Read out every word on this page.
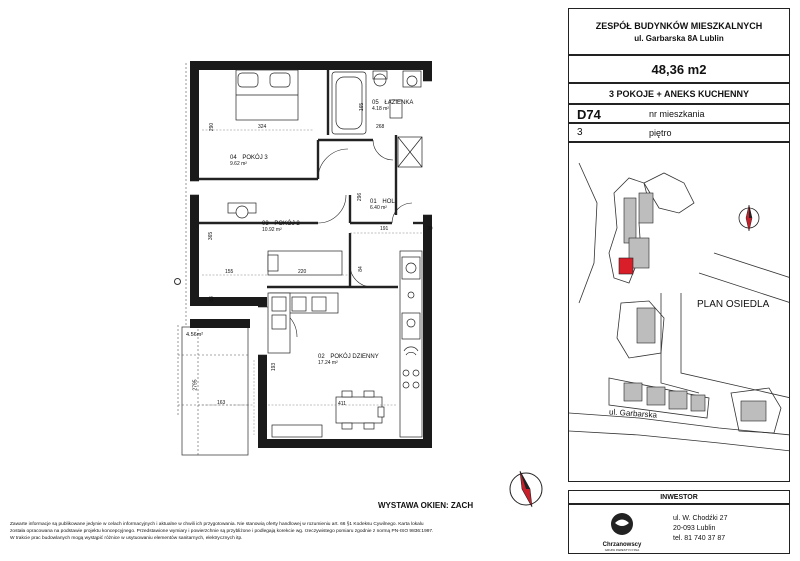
ZESPÓŁ BUDYNKÓW MIESZKALNYCH
ul. Garbarska 8A Lublin
48,36 m2
3 POKOJE + ANEKS KUCHENNY
D74	nr mieszkania
3	piętro
ul. Garbarska
PLAN OSIEDLA
INWESTOR
Chrzanowscy
GRUPA INWESTYCYJNA
ul. W. Chodźki 27
20-093 Lublin
tel. 81 740 37 87
Zawarte informacje są publikowane jedynie w celach informacyjnych i aktualne w chwili ich przygotowania. Nie stanowią oferty handlowej w rozumieniu art. 66 §1 Kodeksu Cywilnego. Karta lokalu
została opracowana na podstawie projektu koncepcyjnego. Przedstawione wymiary i powierzchnie są przybliżone i podlegają korekcie wg. rzeczywistego pomiaru zgodnie z normą PN-ISO 9836:1997.
W trakcie prac budowlanych mogą wystąpić różnice w usytuowaniu elementów sanitarnych, elektrycznych itp.
WYSTAWA OKIEN: ZACH
04 POKÓJ 3
9.62 m²
05 ŁAZIENKA
4.18 m²
01 HOL
6.40 m²
03 POKÓJ 2
10.92 m²
02 POKÓJ DZIENNY
17.24 m²
4.56m²
324
290
165
268
296
191	30
155	220	84
365
83
193
2795
163	411
